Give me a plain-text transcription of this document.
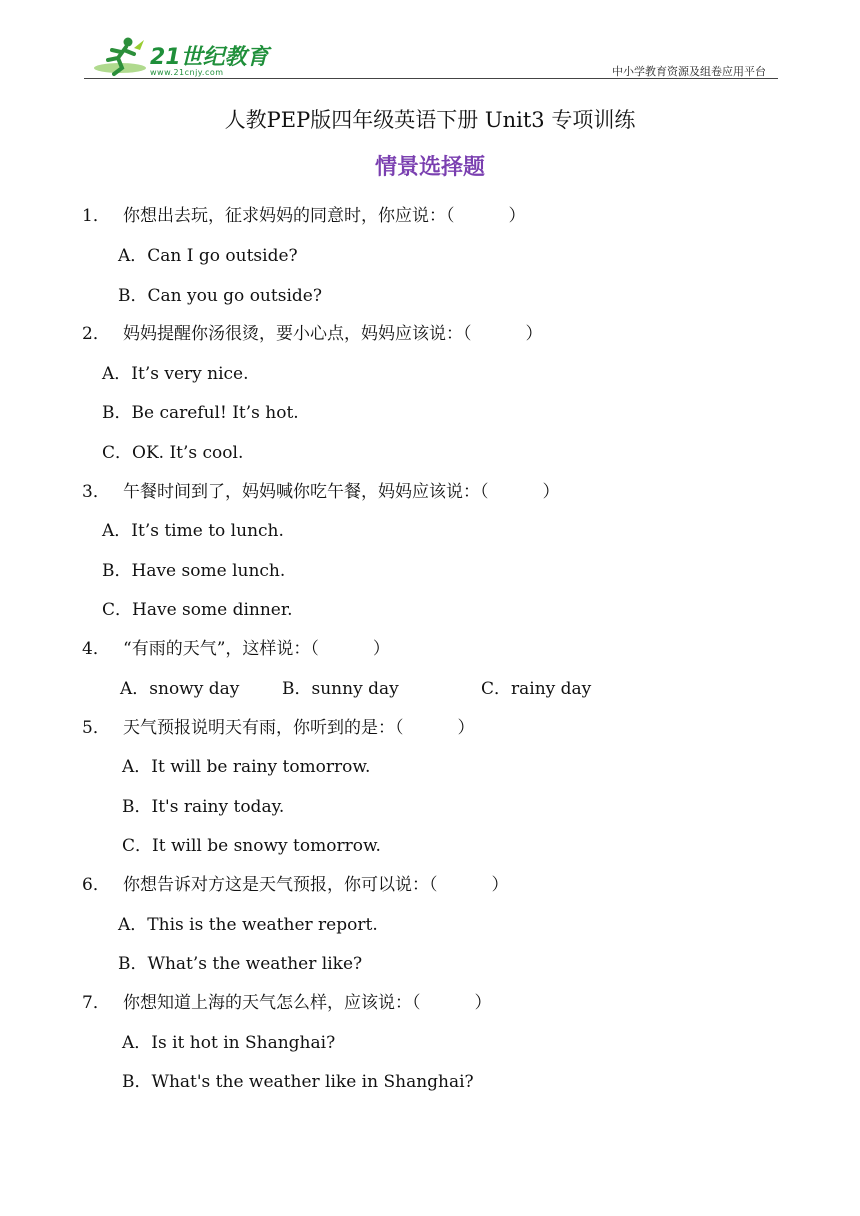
21世纪教育
www.21cnjy.com	中小学教育资源及组卷应用平台
人教PEP版四年级英语下册 Unit3 专项训练
情景选择题
1． 你想出去玩，征求妈妈的同意时，你应说：（          ）
A．Can I go outside?
B．Can you go outside?
2． 妈妈提醒你汤很烫，要小心点，妈妈应该说：（          ）
A．It’s very nice.
B．Be careful! It’s hot.
C．OK. It’s cool.
3． 午餐时间到了，妈妈喊你吃午餐，妈妈应该说：（          ）
A．It’s time to lunch.
B．Have some lunch.
C．Have some dinner.
4． “有雨的天气”，这样说：（          ）
A．snowy day	B．sunny day	C．rainy day
5． 天气预报说明天有雨，你听到的是：（          ）
A．It will be rainy tomorrow.
B．It's rainy today.
C．It will be snowy tomorrow.
6． 你想告诉对方这是天气预报，你可以说：（          ）
A．This is the weather report.
B．What’s the weather like?
7． 你想知道上海的天气怎么样，应该说：（          ）
A．Is it hot in Shanghai?
B．What's the weather like in Shanghai?
